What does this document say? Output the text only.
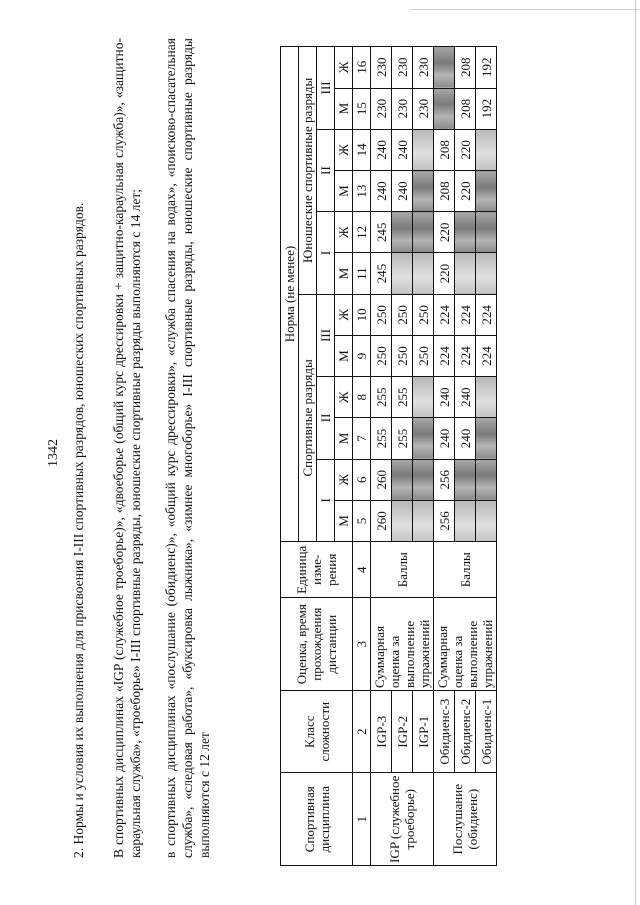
1342 2. Нормы и условия их выполнения для присвоения I-III спортивных разрядов, юношеских спортивных разрядов. В спортивных дисциплинах «IGP (служебное троеборье)», «двоеборье (общий курс дрессировки + защитно-караульная служба)», «защитно-караульная служба», «троеборье» I-III спортивные разряды, юношеские спортивные разряды выполняются с 14 лет; в спортивных дисциплинах «послушание (обидиенс)», «общий курс дрессировки», «служба спасения на водах», «поисково-спасательная служба», «следовая работа», «буксировка лыжника», «зимнее многоборье» I-III спортивные разряды, юношеские спортивные разряды выполняются с 12 лет	Спортивная дисциплина	Класс сложности	Оценка, время прохождения дистанции	Единица изме-рения	Норма (не менее)											
				Спортивные разряды						Юношеские спортивные разряды					
				I		II		III		I		II		III	
				М	Ж	М	Ж	М	Ж	М	Ж	М	Ж	М	Ж
1	2	3	4	5	6	7	8	9	10	11	12	13	14	15	16
IGP (служебное троеборье)	IGP-3	Суммарная оценка за выполнение упражнений	Баллы	260	260	255	255	250	250	245	245	240	240	230	230
	IGP-2					255	255	250	250			240	240	230	230
	IGP-1							250	250					230	230
Послушание (обидиенс)	Обидиенс-3	Суммарная оценка за выполнение упражнений	Баллы	256	256	240	240	224	224	220	220	208	208		
	Обидиенс-2					240	240	224	224			220	220	208	208
	Обидиенс-1							224	224					192	192
